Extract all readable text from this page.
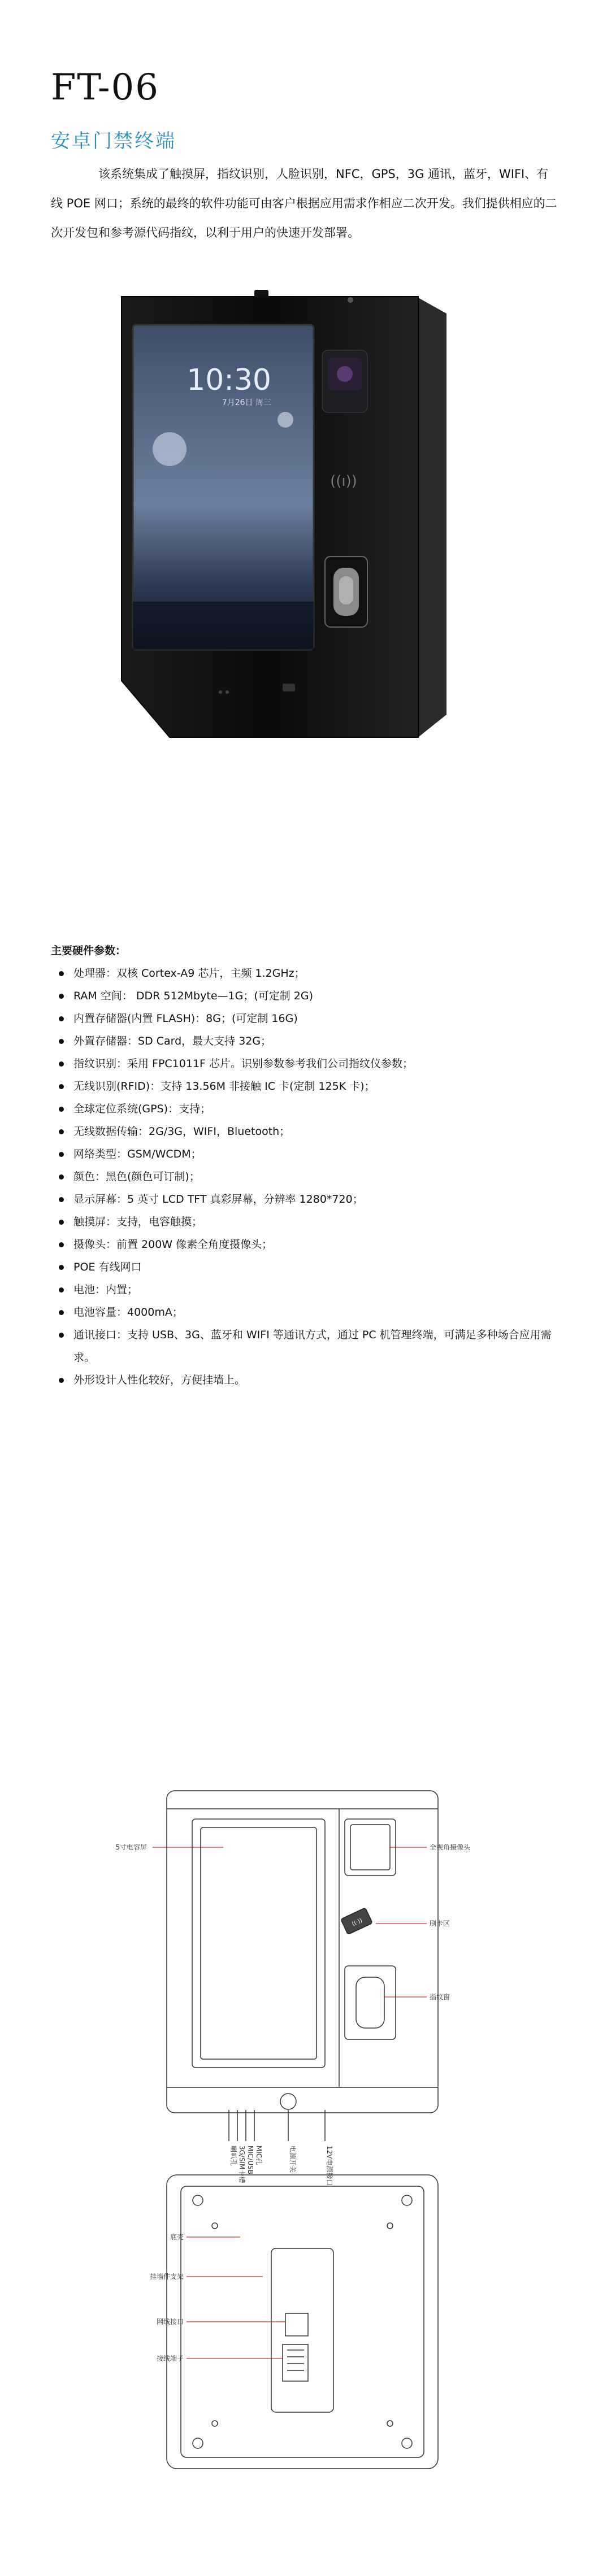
FT-06
安卓门禁终端
该系统集成了触摸屏，指纹识别，人脸识别，NFC，GPS，3G 通讯，蓝牙，WIFI、有线 POE 网口；系统的最终的软件功能可由客户根据应用需求作相应二次开发。我们提供相应的二次开发包和参考源代码指纹，以利于用户的快速开发部署。
10:30
7月26日 周三
((ı))
主要硬件参数：
处理器：双核 Cortex-A9 芯片，主频 1.2GHz；
RAM 空间： DDR 512Mbyte—1G；(可定制 2G)
内置存储器(内置 FLASH)：8G；(可定制 16G)
外置存储器：SD Card，最大支持 32G；
指纹识别：采用 FPC1011F 芯片。识别参数参考我们公司指纹仪参数；
无线识别(RFID)：支持 13.56M 非接触 IC 卡(定制 125K 卡)；
全球定位系统(GPS)：支持；
无线数据传输：2G/3G，WIFI，Bluetooth；
网络类型：GSM/WCDM；
颜色：黑色(颜色可订制)；
显示屏幕：5 英寸 LCD TFT 真彩屏幕，分辨率 1280*720；
触摸屏：支持，电容触摸；
摄像头：前置 200W 像素全角度摄像头；
POE 有线网口
电池：内置；
电池容量：4000mA；
通讯接口：支持 USB、3G、蓝牙和 WIFI 等通讯方式，通过 PC 机管理终端，可满足多种场合应用需求。
外形设计人性化较好，方便挂墙上。
((·))
5寸电容屏	全视角摄像头
刷卡区
指纹窗
喇叭孔 3G/SIM卡槽 MIC/USB MIC孔	电源开关	12V电源接口
底壳
挂墙件支架
网线接口
接线端子
